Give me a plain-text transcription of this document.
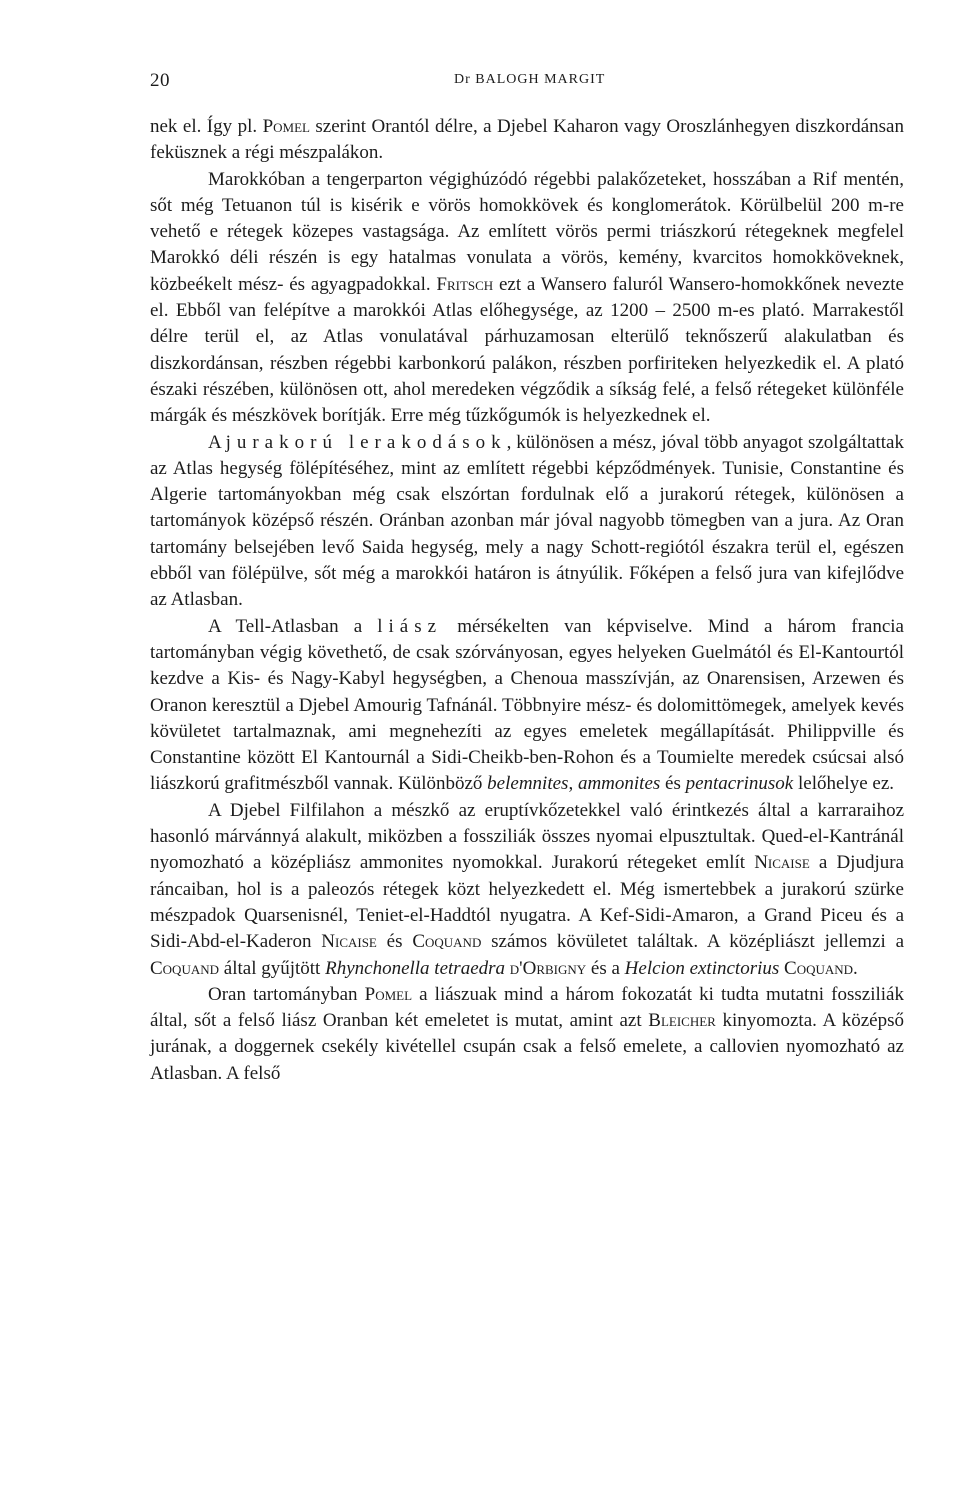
20	Dr BALOGH MARGIT

nek el. Így pl. Pomel szerint Orantól délre, a Djebel Kaharon vagy Oroszlánhegyen diszkordánsan feküsznek a régi mészpalákon.

Marokkóban a tengerparton végighúzódó régebbi palakőzeteket, hosszában a Rif mentén, sőt még Tetuanon túl is kisérik e vörös homokkövek és konglomerátok. Körülbelül 200 m-re vehető e rétegek közepes vastagsága. Az említett vörös permi triászkorú rétegeknek megfelel Marokkó déli részén is egy hatalmas vonulata a vörös, kemény, kvarcitos homokköveknek, közbeékelt mész- és agyagpadokkal. Fritsch ezt a Wansero faluról Wansero-homokkőnek nevezte el. Ebből van felépítve a marokkói Atlas előhegysége, az 1200 – 2500 m-es plató. Marrakestől délre terül el, az Atlas vonulatával párhuzamosan elterülő teknőszerű alakulatban és diszkordánsan, részben régebbi karbonkorú palákon, részben porfiriteken helyezkedik el. A plató északi részében, különösen ott, ahol meredeken végződik a síkság felé, a felső rétegeket különféle márgák és mészkövek borítják. Erre még tűzkőgumók is helyezkednek el.

A jurakorú lerakodások, különösen a mész, jóval több anyagot szolgáltattak az Atlas hegység fölépítéséhez, mint az említett régebbi képződmények. Tunisie, Constantine és Algerie tartományokban még csak elszórtan fordulnak elő a jurakorú rétegek, különösen a tartományok középső részén. Oránban azonban már jóval nagyobb tömegben van a jura. Az Oran tartomány belsejében levő Saida hegység, mely a nagy Schott-regiótól északra terül el, egészen ebből van fölépülve, sőt még a marokkói határon is átnyúlik. Főképen a felső jura van kifejlődve az Atlasban.

A Tell-Atlasban a liász mérsékelten van képviselve. Mind a három francia tartományban végig követhető, de csak szórványosan, egyes helyeken Guelmától és El-Kantourtól kezdve a Kis- és Nagy-Kabyl hegységben, a Chenoua masszívján, az Onarensisen, Arzewen és Oranon keresztül a Djebel Amourig Tafnánál. Többnyire mész- és dolomittömegek, amelyek kevés kövületet tartalmaznak, ami megnehezíti az egyes emeletek megállapítását. Philippville és Constantine között El Kantournál a Sidi-Cheikb-ben-Rohon és a Toumielte meredek csúcsai alsó liászkorú grafitmészből vannak. Különböző belemnites, ammonites és pentacrinusok lelőhelye ez.

A Djebel Filfilahon a mészkő az eruptívkőzetekkel való érintkezés által a karraraihoz hasonló márvánnyá alakult, miközben a fossziliák összes nyomai elpusztultak. Qued-el-Kantránál nyomozható a középliász ammonites nyomokkal. Jurakorú rétegeket említ Nicaise a Djudjura ráncaiban, hol is a paleozós rétegek közt helyezkedett el. Még ismertebbek a jurakorú szürke mészpadok Quarsenisnél, Teniet-el-Haddtól nyugatra. A Kef-Sidi-Amaron, a Grand Piceu és a Sidi-Abd-el-Kaderon Nicaise és Coquand számos kövületet találtak. A középliászt jellemzi a Coquand által gyűjtött Rhynchonella tetraedra d'Orbigny és a Helcion extinctorius Coquand.

Oran tartományban Pomel a liászuak mind a három fokozatát ki tudta mutatni fossziliák által, sőt a felső liász Oranban két emeletet is mutat, amint azt Bleicher kinyomozta. A középső jurának, a doggernek csekély kivétellel csupán csak a felső emelete, a callovien nyomozható az Atlasban. A felső
